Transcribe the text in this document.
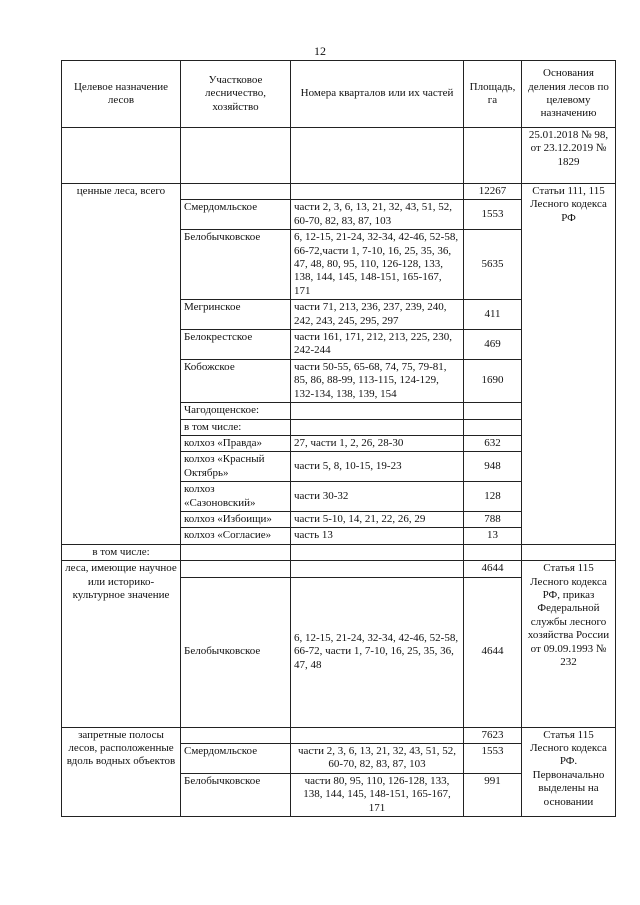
12
Целевое назначение лесов	Участковое лесничество, хозяйство	Номера кварталов или их частей	Площадь, га	Основания деления лесов по целевому назначению
				25.01.2018 № 98, от 23.12.2019 № 1829
ценные леса, всего			12267	Статьи 111, 115 Лесного кодекса РФ
	Смердомльское	части 2, 3, 6, 13, 21, 32, 43, 51, 52, 60-70, 82, 83, 87, 103	1553	
	Белобычковское	6, 12-15, 21-24, 32-34, 42-46, 52-58, 66-72,части 1, 7-10, 16, 25, 35, 36, 47, 48, 80, 95, 110, 126-128, 133, 138, 144, 145, 148-151, 165-167, 171	5635	
	Мегринское	части 71, 213, 236, 237, 239, 240, 242, 243, 245, 295, 297	411	
	Белокрестское	части 161, 171, 212, 213, 225, 230, 242-244	469	
	Кобожское	части 50-55, 65-68, 74, 75, 79-81, 85, 86, 88-99, 113-115, 124-129, 132-134, 138, 139, 154	1690	
	Чагодощенское:			
	в том числе:			
	колхоз «Правда»	27, части 1, 2, 26, 28-30	632	
	колхоз «Красный Октябрь»	части 5, 8, 10-15, 19-23	948	
	колхоз «Сазоновский»	части 30-32	128	
	колхоз «Избоищи»	части 5-10, 14, 21, 22, 26, 29	788	
	колхоз «Согласие»	часть 13	13	
в том числе:				
леса, имеющие научное или историко-культурное значение			4644	Статья 115 Лесного кодекса РФ, приказ Федеральной службы лесного хозяйства России от 09.09.1993 № 232
	Белобычковское	6, 12-15, 21-24, 32-34, 42-46, 52-58, 66-72, части 1, 7-10, 16, 25, 35, 36, 47, 48	4644	
запретные полосы лесов, расположенные вдоль водных объектов			7623	Статья 115 Лесного кодекса РФ. Первоначально выделены на основании
	Смердомльское	части 2, 3, 6, 13, 21, 32, 43, 51, 52, 60-70, 82, 83, 87, 103	1553	
	Белобычковское	части 80, 95, 110, 126-128, 133, 138, 144, 145, 148-151, 165-167, 171	991	
